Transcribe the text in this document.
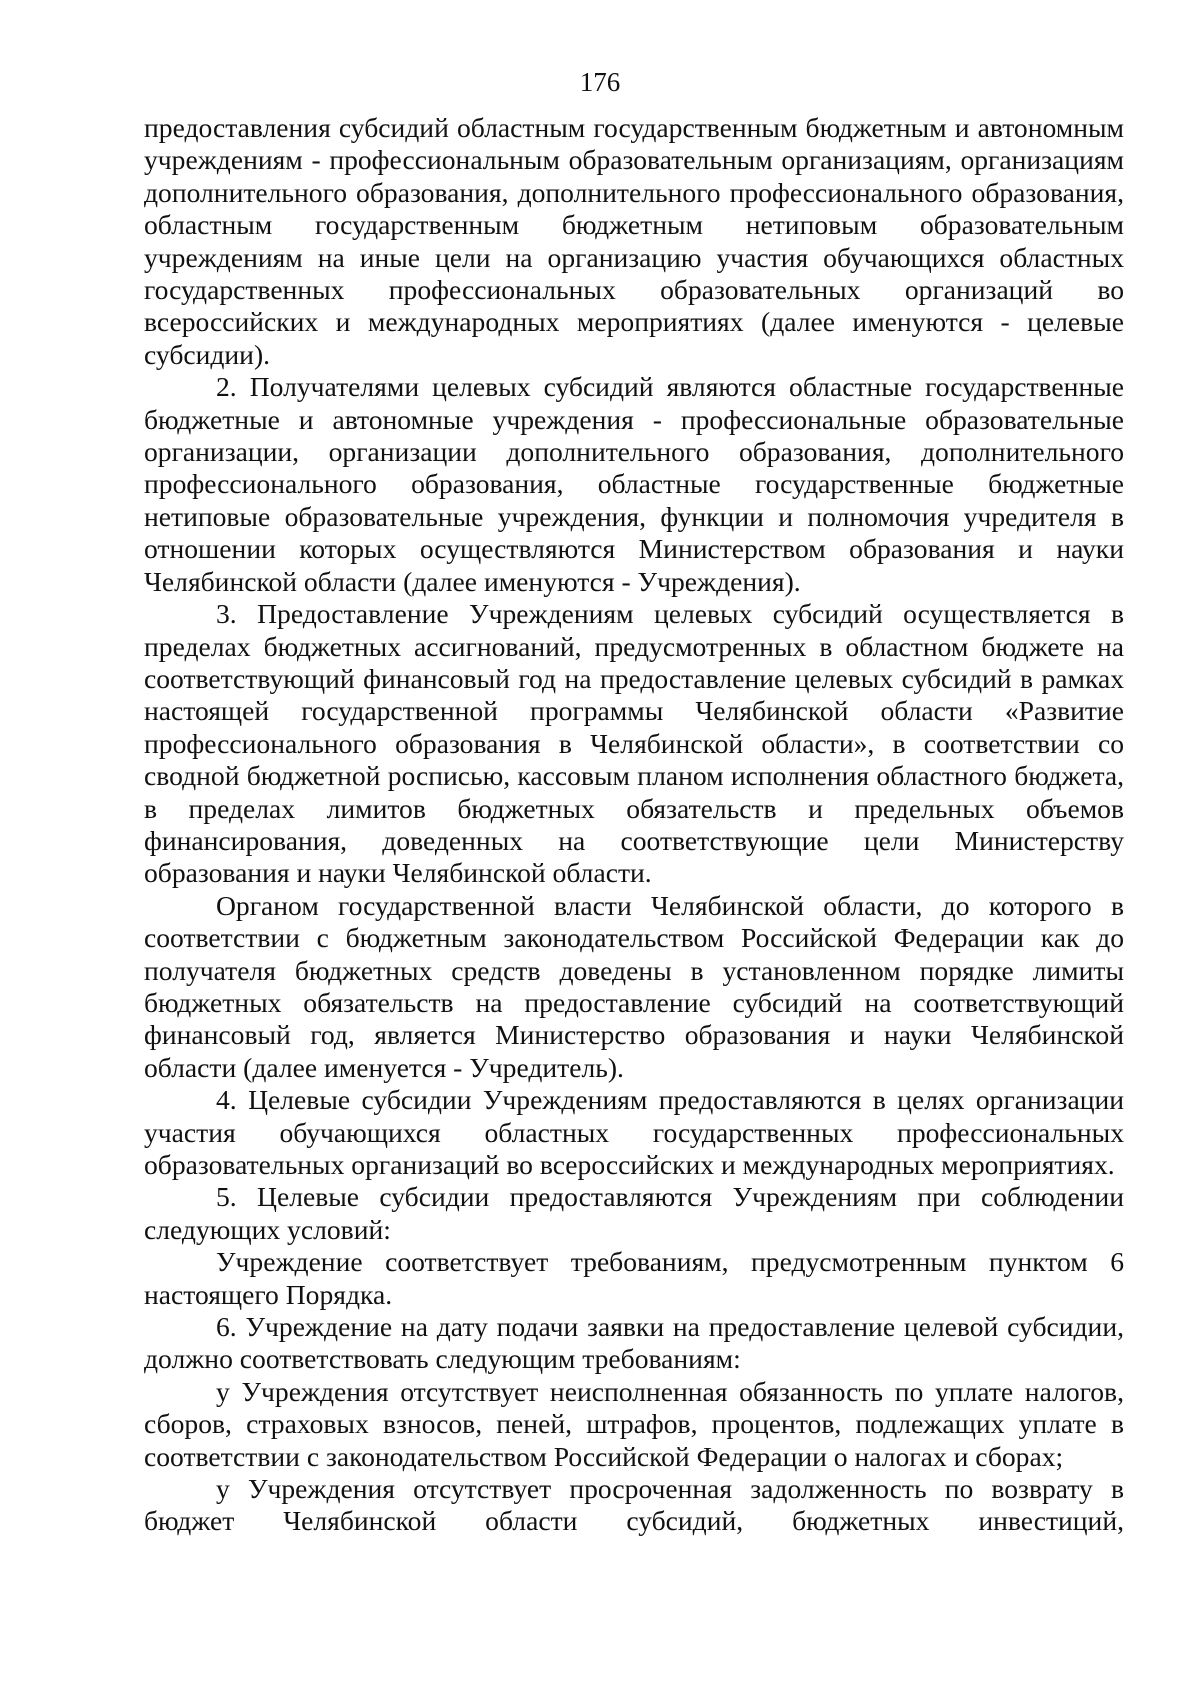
176

предоставления субсидий областным государственным бюджетным и автономным учреждениям - профессиональным образовательным организациям, организациям дополнительного образования, дополнительного профессионального образования, областным государственным бюджетным нетиповым образовательным учреждениям на иные цели на организацию участия обучающихся областных государственных профессиональных образовательных организаций во всероссийских и международных мероприятиях (далее именуются - целевые субсидии).

2. Получателями целевых субсидий являются областные государственные бюджетные и автономные учреждения - профессиональные образовательные организации, организации дополнительного образования, дополнительного профессионального образования, областные государственные бюджетные нетиповые образовательные учреждения, функции и полномочия учредителя в отношении которых осуществляются Министерством образования и науки Челябинской области (далее именуются - Учреждения).

3. Предоставление Учреждениям целевых субсидий осуществляется в пределах бюджетных ассигнований, предусмотренных в областном бюджете на соответствующий финансовый год на предоставление целевых субсидий в рамках настоящей государственной программы Челябинской области «Развитие профессионального образования в Челябинской области», в соответствии со сводной бюджетной росписью, кассовым планом исполнения областного бюджета, в пределах лимитов бюджетных обязательств и предельных объемов финансирования, доведенных на соответствующие цели Министерству образования и науки Челябинской области.

Органом государственной власти Челябинской области, до которого в соответствии с бюджетным законодательством Российской Федерации как до получателя бюджетных средств доведены в установленном порядке лимиты бюджетных обязательств на предоставление субсидий на соответствующий финансовый год, является Министерство образования и науки Челябинской области (далее именуется - Учредитель).

4. Целевые субсидии Учреждениям предоставляются в целях организации участия обучающихся областных государственных профессиональных образовательных организаций во всероссийских и международных мероприятиях.

5. Целевые субсидии предоставляются Учреждениям при соблюдении следующих условий:

Учреждение соответствует требованиям, предусмотренным пунктом 6 настоящего Порядка.

6. Учреждение на дату подачи заявки на предоставление целевой субсидии, должно соответствовать следующим требованиям:

у Учреждения отсутствует неисполненная обязанность по уплате налогов, сборов, страховых взносов, пеней, штрафов, процентов, подлежащих уплате в соответствии с законодательством Российской Федерации о налогах и сборах;

у Учреждения отсутствует просроченная задолженность по возврату в бюджет Челябинской области субсидий, бюджетных инвестиций,
